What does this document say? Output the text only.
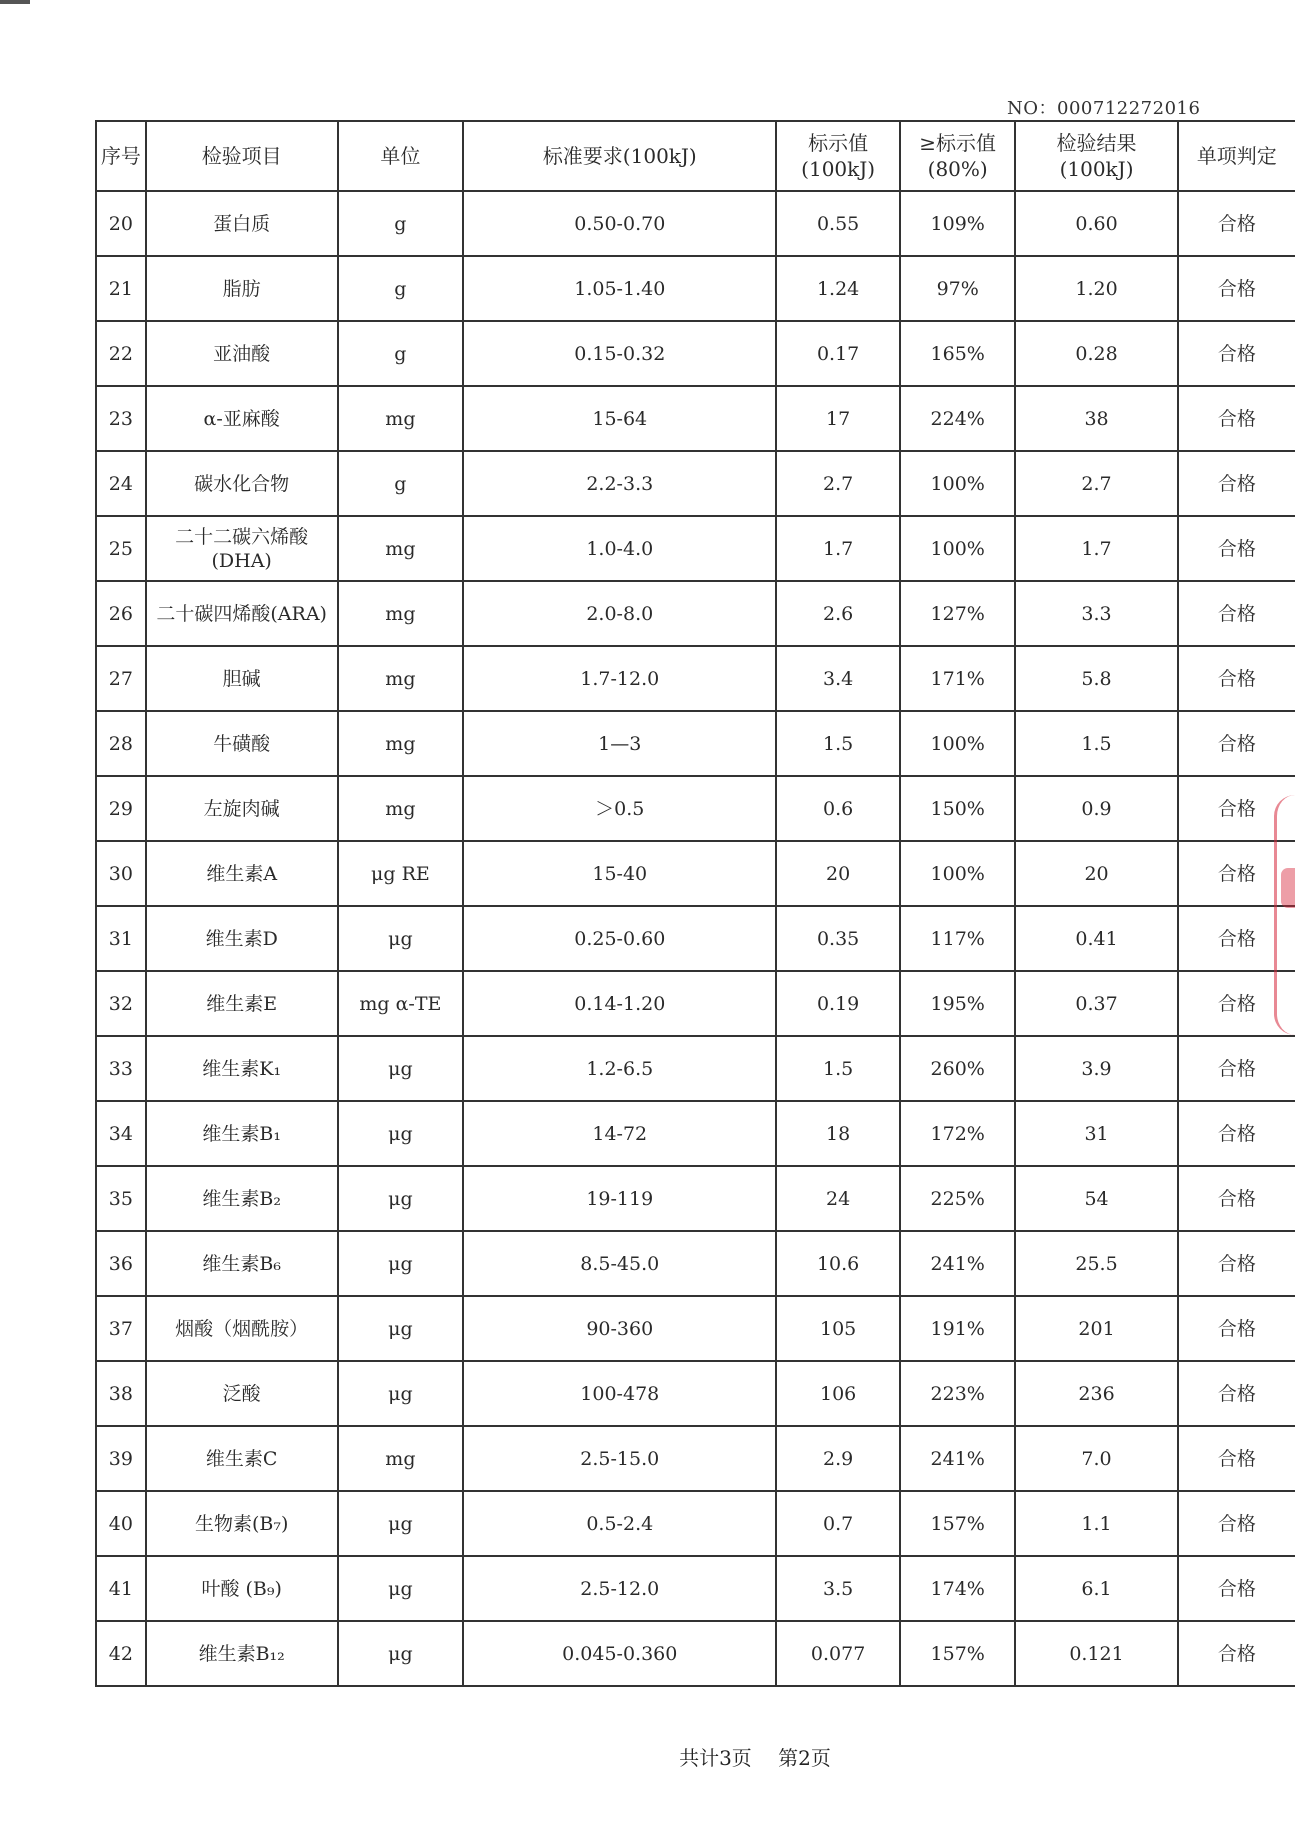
NO：000712272016
序号	检验项目	单位	标准要求(100kJ)	标示值 (100kJ)	≥标示值 (80%)	检验结果 (100kJ)	单项判定
20	蛋白质	g	0.50-0.70	0.55	109%	0.60	合格
21	脂肪	g	1.05-1.40	1.24	97%	1.20	合格
22	亚油酸	g	0.15-0.32	0.17	165%	0.28	合格
23	α-亚麻酸	mg	15-64	17	224%	38	合格
24	碳水化合物	g	2.2-3.3	2.7	100%	2.7	合格
25	二十二碳六烯酸 (DHA)	mg	1.0-4.0	1.7	100%	1.7	合格
26	二十碳四烯酸(ARA)	mg	2.0-8.0	2.6	127%	3.3	合格
27	胆碱	mg	1.7-12.0	3.4	171%	5.8	合格
28	牛磺酸	mg	1—3	1.5	100%	1.5	合格
29	左旋肉碱	mg	＞0.5	0.6	150%	0.9	合格
30	维生素A	μg RE	15-40	20	100%	20	合格
31	维生素D	μg	0.25-0.60	0.35	117%	0.41	合格
32	维生素E	mg α-TE	0.14-1.20	0.19	195%	0.37	合格
33	维生素K₁	μg	1.2-6.5	1.5	260%	3.9	合格
34	维生素B₁	μg	14-72	18	172%	31	合格
35	维生素B₂	μg	19-119	24	225%	54	合格
36	维生素B₆	μg	8.5-45.0	10.6	241%	25.5	合格
37	烟酸（烟酰胺）	μg	90-360	105	191%	201	合格
38	泛酸	μg	100-478	106	223%	236	合格
39	维生素C	mg	2.5-15.0	2.9	241%	7.0	合格
40	生物素(B₇)	μg	0.5-2.4	0.7	157%	1.1	合格
41	叶酸 (B₉)	μg	2.5-12.0	3.5	174%	6.1	合格
42	维生素B₁₂	μg	0.045-0.360	0.077	157%	0.121	合格
共计3页 第2页
